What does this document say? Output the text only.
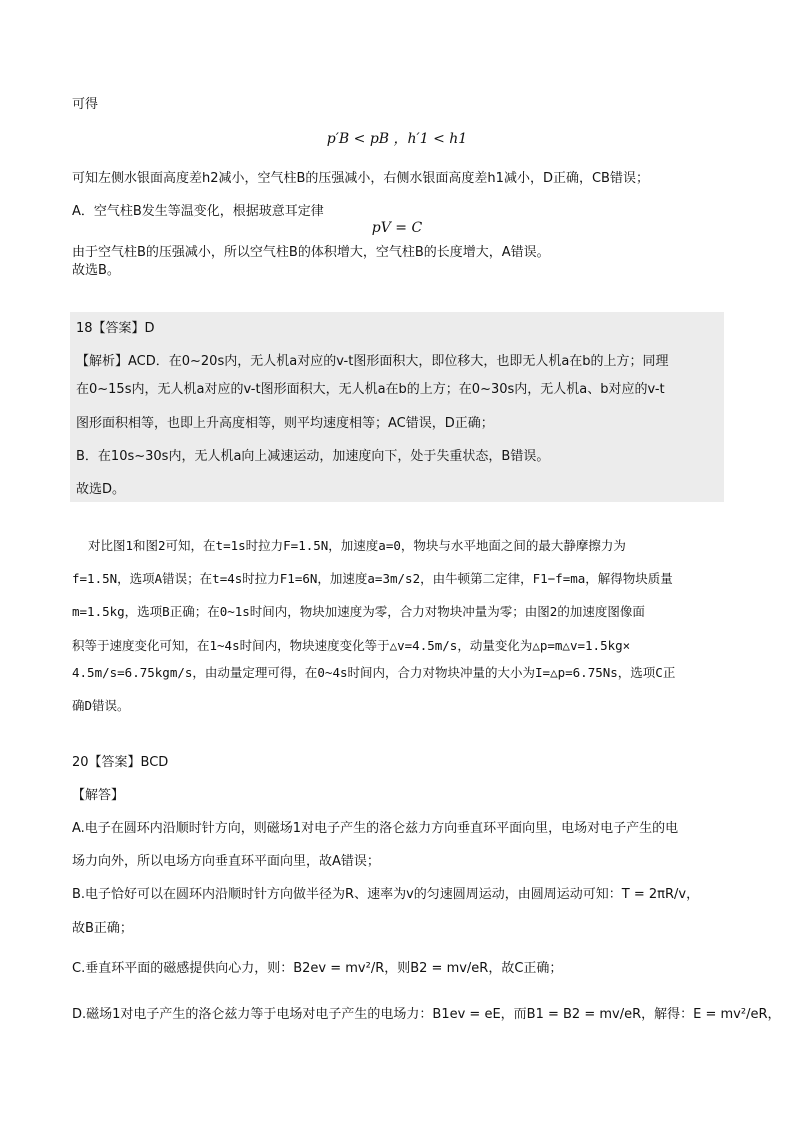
可得
p′B < pB ，h′1 < h1
可知左侧水银面高度差h2减小，空气柱B的压强减小，右侧水银面高度差h1减小，D正确，CB错误；
A．空气柱B发生等温变化，根据玻意耳定律
pV = C
由于空气柱B的压强减小，所以空气柱B的体积增大，空气柱B的长度增大，A错误。
故选B。
18【答案】D
【解析】ACD．在0~20s内，无人机a对应的v-t图形面积大，即位移大，也即无人机a在b的上方；同理
在0~15s内，无人机a对应的v-t图形面积大，无人机a在b的上方；在0~30s内，无人机a、b对应的v-t
图形面积相等，也即上升高度相等，则平均速度相等；AC错误，D正确；
B．在10s~30s内，无人机a向上减速运动，加速度向下，处于失重状态，B错误。
故选D。
对比图1和图2可知，在t=1s时拉力F=1.5N，加速度a=0，物块与水平地面之间的最大静摩擦力为
f=1.5N，选项A错误；在t=4s时拉力F1=6N，加速度a=3m/s2，由牛顿第二定律，F1−f=ma，解得物块质量
m=1.5kg，选项B正确；在0~1s时间内，物块加速度为零，合力对物块冲量为零；由图2的加速度图像面
积等于速度变化可知，在1~4s时间内，物块速度变化等于△v=4.5m/s，动量变化为△p=m△v=1.5kg×
4.5m/s=6.75kgm/s，由动量定理可得，在0~4s时间内，合力对物块冲量的大小为I=△p=6.75Ns，选项C正
确D错误。
20【答案】BCD
【解答】
A.电子在圆环内沿顺时针方向，则磁场1对电子产生的洛仑兹力方向垂直环平面向里，电场对电子产生的电
场力向外，所以电场方向垂直环平面向里，故A错误；
B.电子恰好可以在圆环内沿顺时针方向做半径为R、速率为v的匀速圆周运动，由圆周运动可知：T = 2πR/v，
故B正确；
C.垂直环平面的磁感提供向心力，则：B2ev = mv²/R，则B2 = mv/eR，故C正确；
D.磁场1对电子产生的洛仑兹力等于电场对电子产生的电场力：B1ev = eE，而B1 = B2 = mv/eR，解得：E = mv²/eR，
